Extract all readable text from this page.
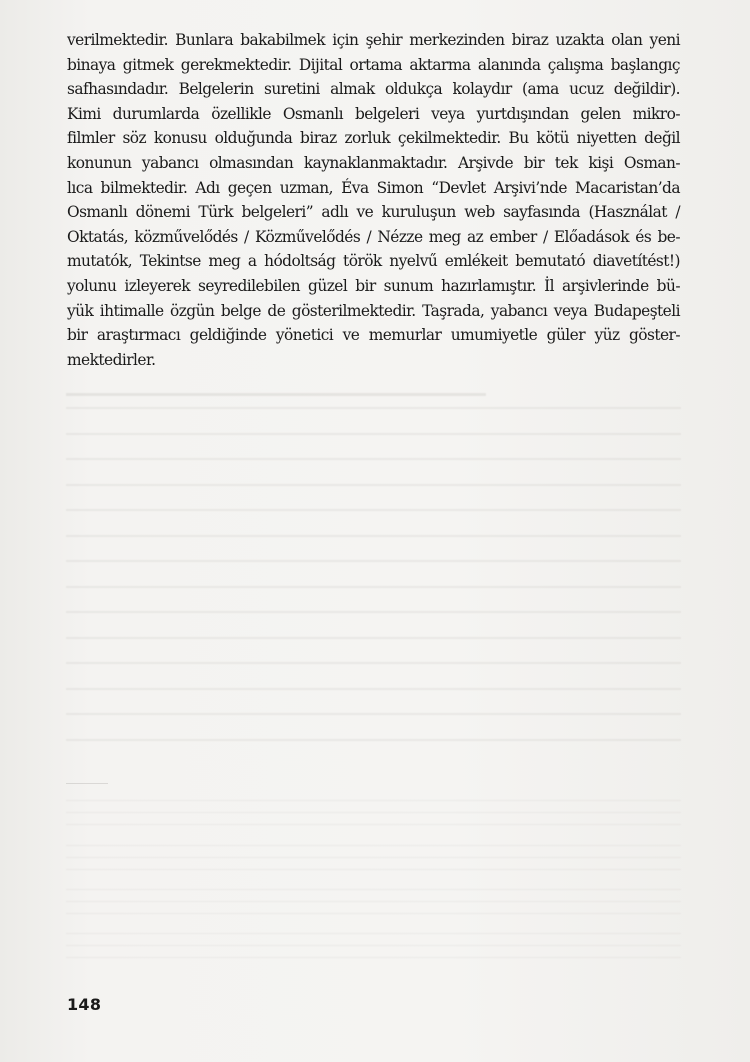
verilmektedir. Bunlara bakabilmek için şehir merkezinden biraz uzakta olan yeni
binaya gitmek gerekmektedir. Dijital ortama aktarma alanında çalışma başlangıç
safhasındadır. Belgelerin suretini almak oldukça kolaydır (ama ucuz değildir).
Kimi durumlarda özellikle Osmanlı belgeleri veya yurtdışından gelen mikro-
filmler söz konusu olduğunda biraz zorluk çekilmektedir. Bu kötü niyetten değil
konunun yabancı olmasından kaynaklanmaktadır. Arşivde bir tek kişi Osman-
lıca bilmektedir. Adı geçen uzman, Éva Simon “Devlet Arşivi’nde Macaristan’da
Osmanlı dönemi Türk belgeleri” adlı ve kuruluşun web sayfasında (Használat /
Oktatás, közművelődés / Közművelődés / Nézze meg az ember / Előadások és be-
mutatók, Tekintse meg a hódoltság török nyelvű emlékeit bemutató diavetítést!)
yolunu izleyerek seyredilebilen güzel bir sunum hazırlamıştır. İl arşivlerinde bü-
yük ihtimalle özgün belge de gösterilmektedir. Taşrada, yabancı veya Budapeşteli
bir araştırmacı geldiğinde yönetici ve memurlar umumiyetle güler yüz göster-
mektedirler.
148
